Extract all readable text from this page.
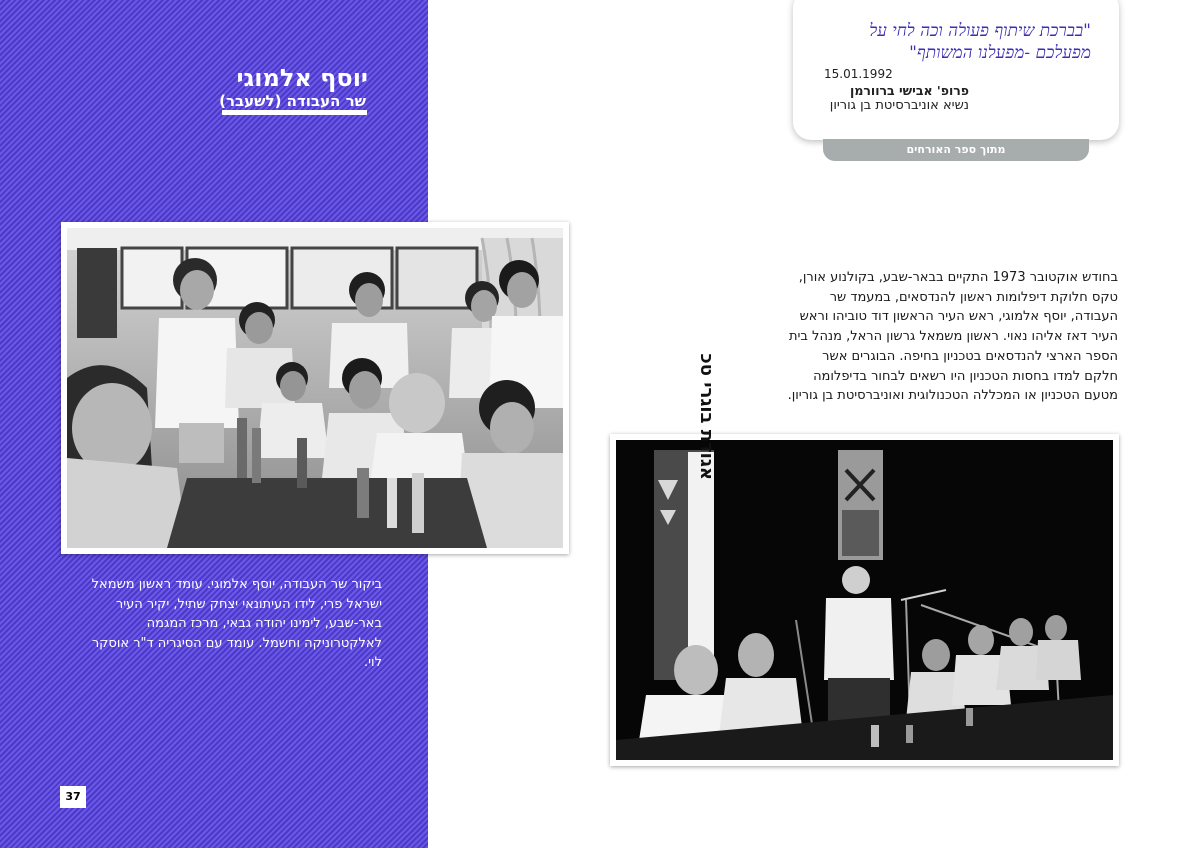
יוסף אלמוגי
שר העבודה (לשעבר)
ביקור שר העבודה, יוסף אלמוגי. עומד ראשון משמאל ישראל פרי, לידו העיתונאי יצחק שתיל, יקיר העיר באר-שבע, לימינו יהודה גבאי, מרכז המגמה לאלקטרוניקה וחשמל. עומד עם הסיגריה ד"ר אוסקר לוי.
37
"בברכת שיתוף פעולה וכה לחי על מפעלכם -מפעלנו המשותף"
15.01.1992
פרופ' אבישי ברוורמן
נשיא אוניברסיטת בן גוריון
מתוך ספר האורחים
בחודש אוקטובר 1973 התקיים בבאר-שבע, בקולנוע אורן, טקס חלוקת דיפלומות ראשון להנדסאים, במעמד שר העבודה, יוסף אלמוגי, ראש העיר הראשון דוד טוביהו וראש העיר דאז אליהו נאוי. ראשון משמאל גרשון הראל, מנהל בית הספר הארצי להנדסאים בטכניון בחיפה. הבוגרים אשר חלקם למדו בחסות הטכניון היו רשאים לבחור בדיפלומה מטעם הטכניון או המכללה הטכנולוגית ואוניברסיטת בן גוריון.
אגודת בוגרי טכ
